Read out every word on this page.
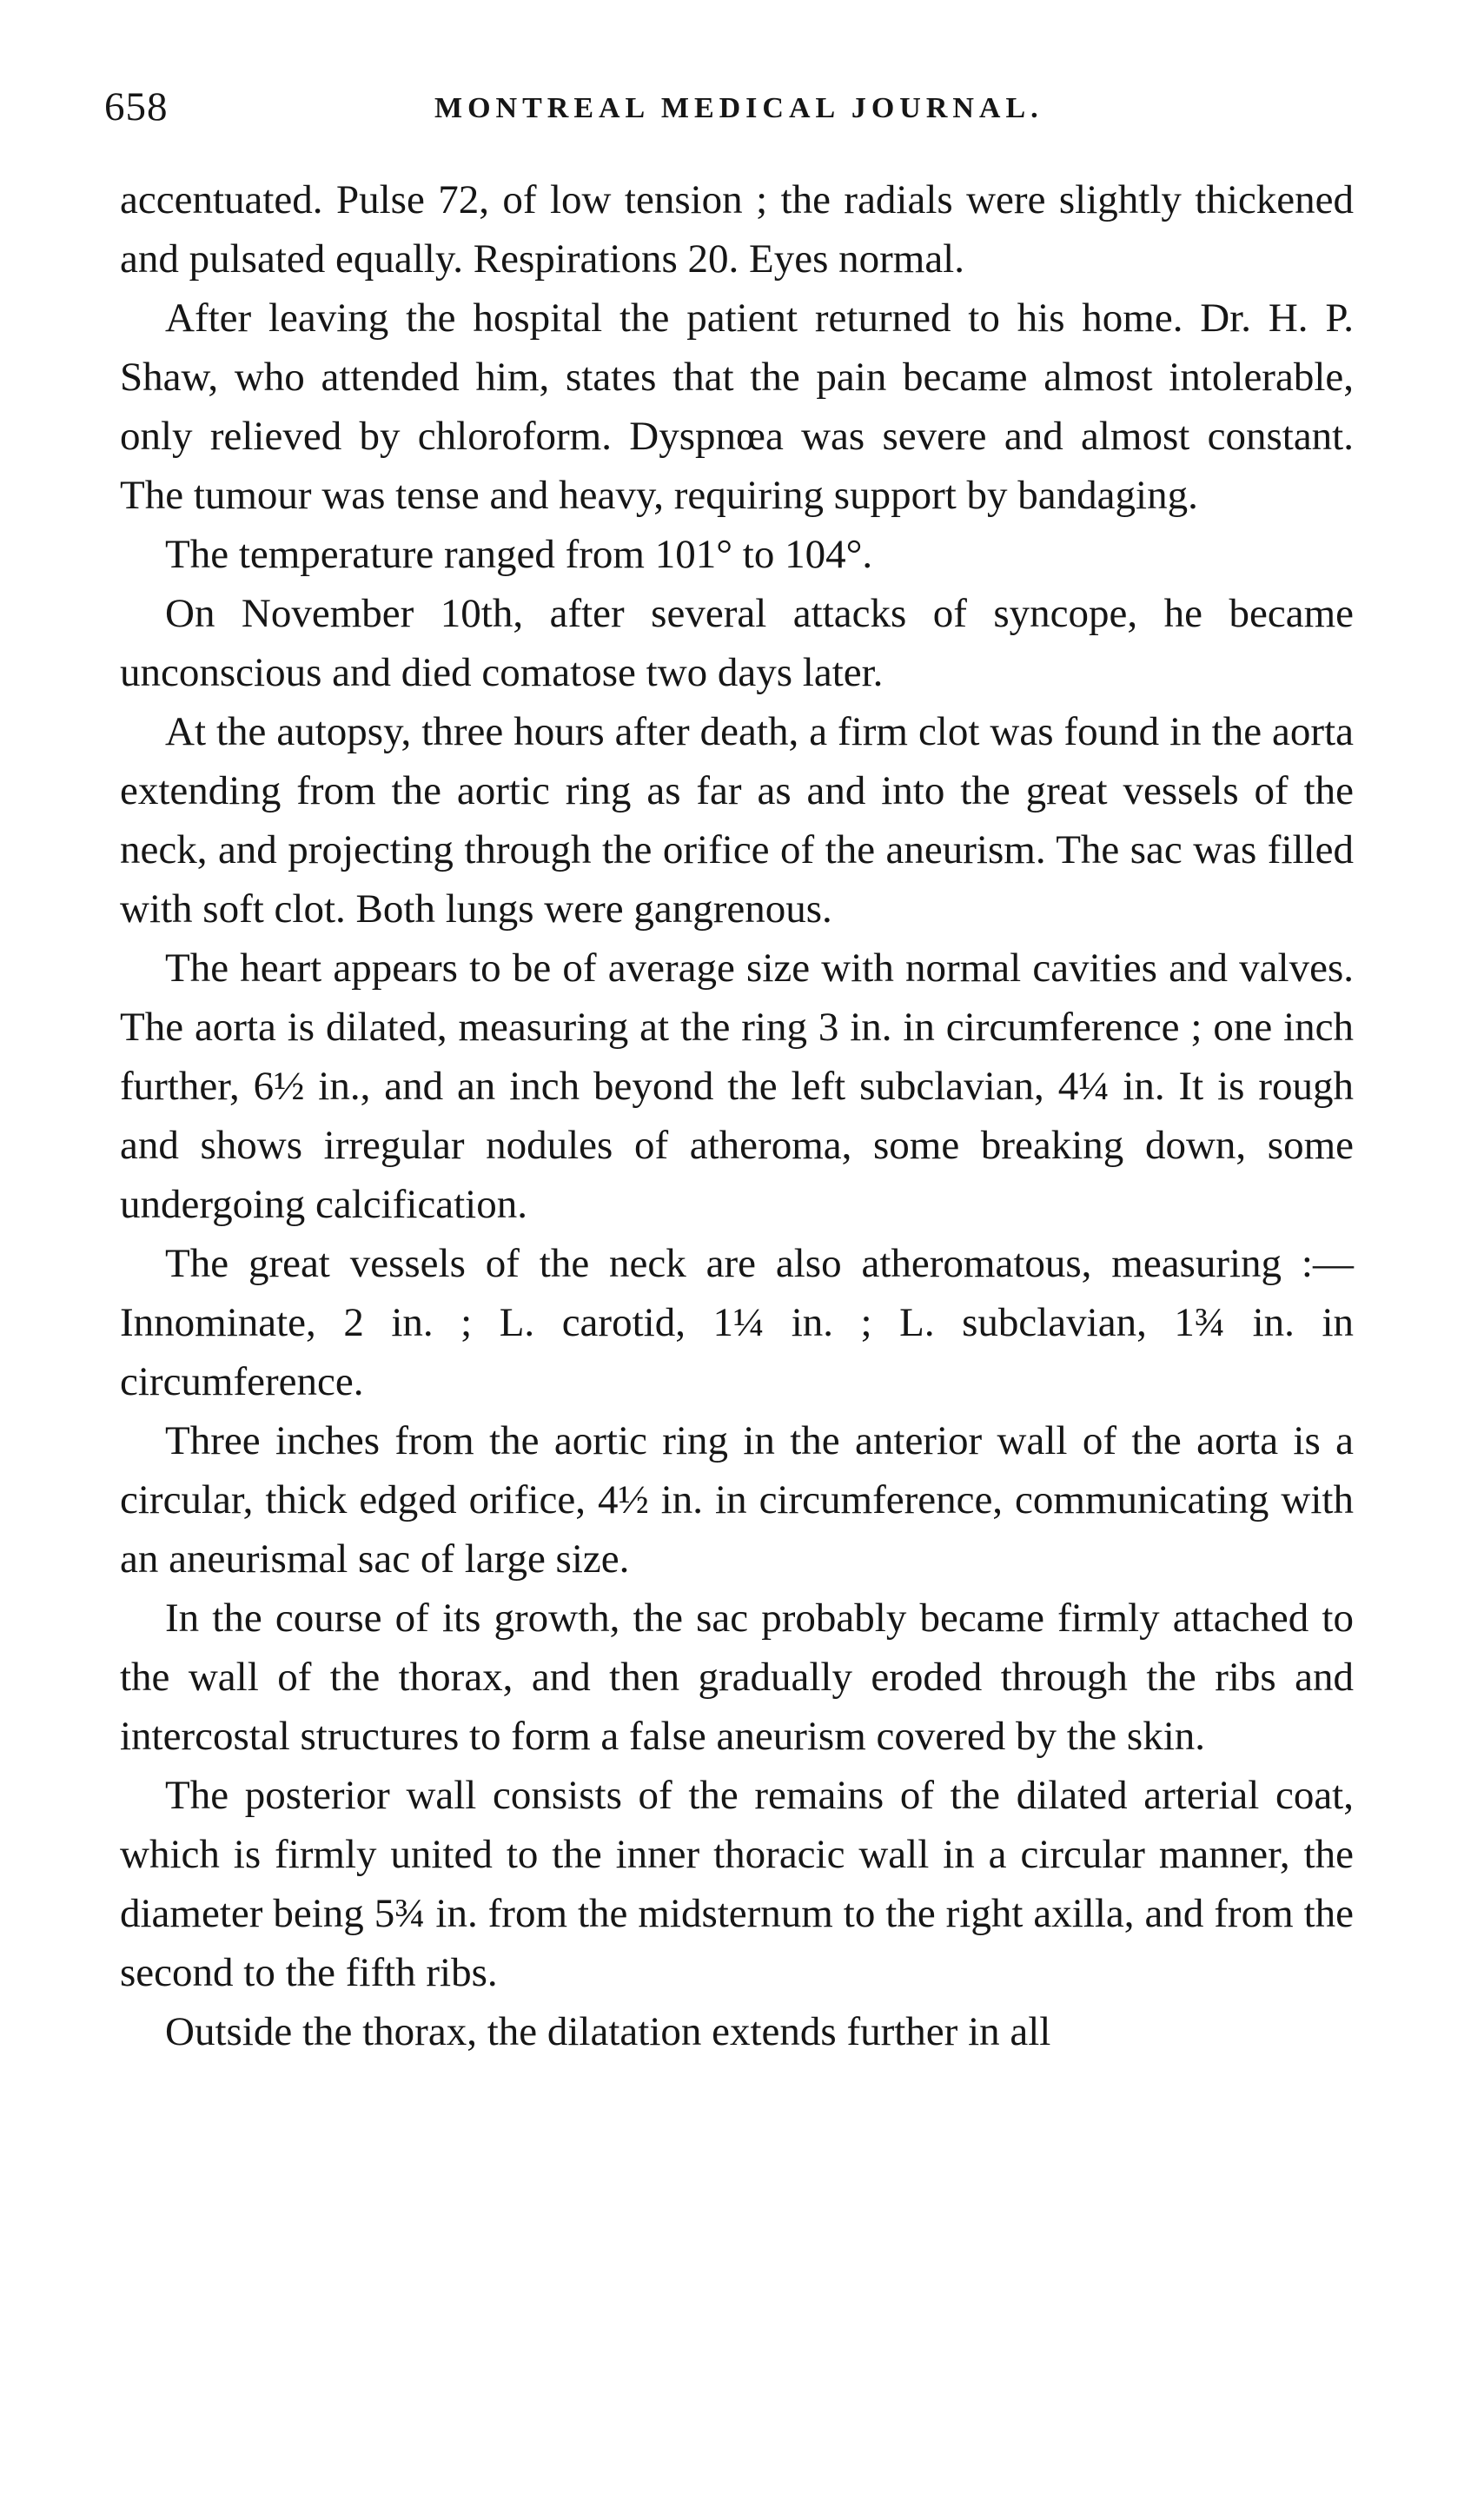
658	MONTREAL MEDICAL JOURNAL.

accentuated. Pulse 72, of low tension ; the radials were slightly thickened and pulsated equally. Respirations 20. Eyes normal.

After leaving the hospital the patient returned to his home. Dr. H. P. Shaw, who attended him, states that the pain became almost intolerable, only relieved by chloroform. Dyspnœa was severe and almost constant. The tumour was tense and heavy, requiring support by bandaging.

The temperature ranged from 101° to 104°.

On November 10th, after several attacks of syncope, he became unconscious and died comatose two days later.

At the autopsy, three hours after death, a firm clot was found in the aorta extending from the aortic ring as far as and into the great vessels of the neck, and projecting through the orifice of the aneurism. The sac was filled with soft clot. Both lungs were gangrenous.

The heart appears to be of average size with normal cavities and valves. The aorta is dilated, measuring at the ring 3 in. in circumference ; one inch further, 6½ in., and an inch beyond the left subclavian, 4¼ in. It is rough and shows irregular nodules of atheroma, some breaking down, some undergoing calcification.

The great vessels of the neck are also atheromatous, measuring :—Innominate, 2 in. ; L. carotid, 1¼ in. ; L. subclavian, 1¾ in. in circumference.

Three inches from the aortic ring in the anterior wall of the aorta is a circular, thick edged orifice, 4½ in. in circumference, communicating with an aneurismal sac of large size.

In the course of its growth, the sac probably became firmly attached to the wall of the thorax, and then gradually eroded through the ribs and intercostal structures to form a false aneurism covered by the skin.

The posterior wall consists of the remains of the dilated arterial coat, which is firmly united to the inner thoracic wall in a circular manner, the diameter being 5¾ in. from the midsternum to the right axilla, and from the second to the fifth ribs.

Outside the thorax, the dilatation extends further in all
